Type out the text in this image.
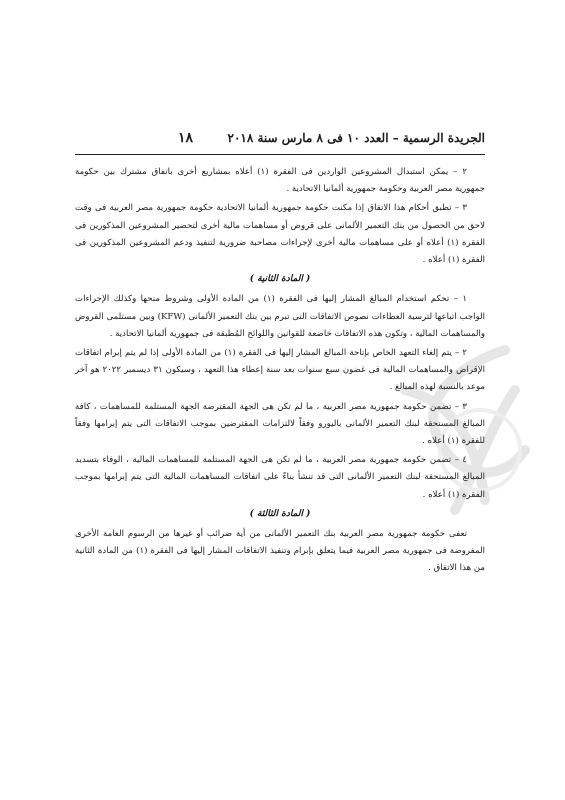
١٨	الجريدة الرسمية – العدد ١٠ فى ٨ مارس سنة ٢٠١٨

٢ – يمكن استبدال المشروعين الواردين فى الفقرة (١) أعلاه بمشاريع أخرى باتفاق مشترك بين حكومة جمهورية مصر العربية وحكومة جمهورية ألمانيا الاتحادية .

٣ – تطبق أحكام هذا الاتفاق إذا مكنت حكومة جمهورية ألمانيا الاتحادية حكومة جمهورية مصر العربية فى وقت لاحق من الحصول من بنك التعمير الألمانى على قروض أو مساهمات مالية أخرى لتحضير المشروعين المذكورين فى الفقرة (١) أعلاه أو على مساهمات مالية أخرى لإجراءات مصاحبة ضرورية لتنفيذ ودعم المشروعين المذكورين فى الفقرة (١) أعلاه .

( المادة الثانية )

١ – تحكم استخدام المبالغ المشار إليها فى الفقرة (١) من المادة الأولى وشروط منحها وكذلك الإجراءات الواجب اتباعها لترسية العطاءات نصوص الاتفاقات التى تبرم بين بنك التعمير الألمانى (KFW) وبين مستلمى القروض والمساهمات المالية ، وتكون هذه الاتفاقات خاضعة للقوانين واللوائح المُطبقة فى جمهورية ألمانيا الاتحادية .

٢ – يتم إلغاء التعهد الخاص بإتاحة المبالغ المشار إليها فى الفقرة (١) من المادة الأولى إذا لم يتم إبرام اتفاقات الإقراض والمساهمات المالية فى غضون سبع سنوات بعد سنة إعطاء هذا التعهد ، وسيكون ٣١ ديسمبر ٢٠٢٢ هو آخر موعد بالنسبة لهذه المبالغ .

٣ – تضمن حكومة جمهورية مصر العربية ، ما لم تكن هى الجهة المقترضة الجهة المستلمة للمساهمات ، كافة المبالغ المستحقة لبنك التعمير الألمانى باليورو وفقاً لالتزامات المقترضين بموجب الاتفاقات التى يتم إبرامها وفقاً للفقرة (١) أعلاه .

٤ – تضمن حكومة جمهورية مصر العربية ، ما لم تكن هى الجهة المستلمة للمساهمات المالية ، الوفاء بتسديد المبالغ المستحقة لبنك التعمير الألمانى التى قد تنشأ بناءً على اتفاقات المساهمات المالية التى يتم إبرامها بموجب الفقرة (١) أعلاه .

( المادة الثالثة )

تعفى حكومة جمهورية مصر العربية بنك التعمير الألمانى من أية ضرائب أو غيرها من الرسوم العامة الأخرى المفروضة فى جمهورية مصر العربية فيما يتعلق بإبرام وتنفيذ الاتفاقات المشار إليها فى الفقرة (١) من المادة الثانية من هذا الاتفاق .
